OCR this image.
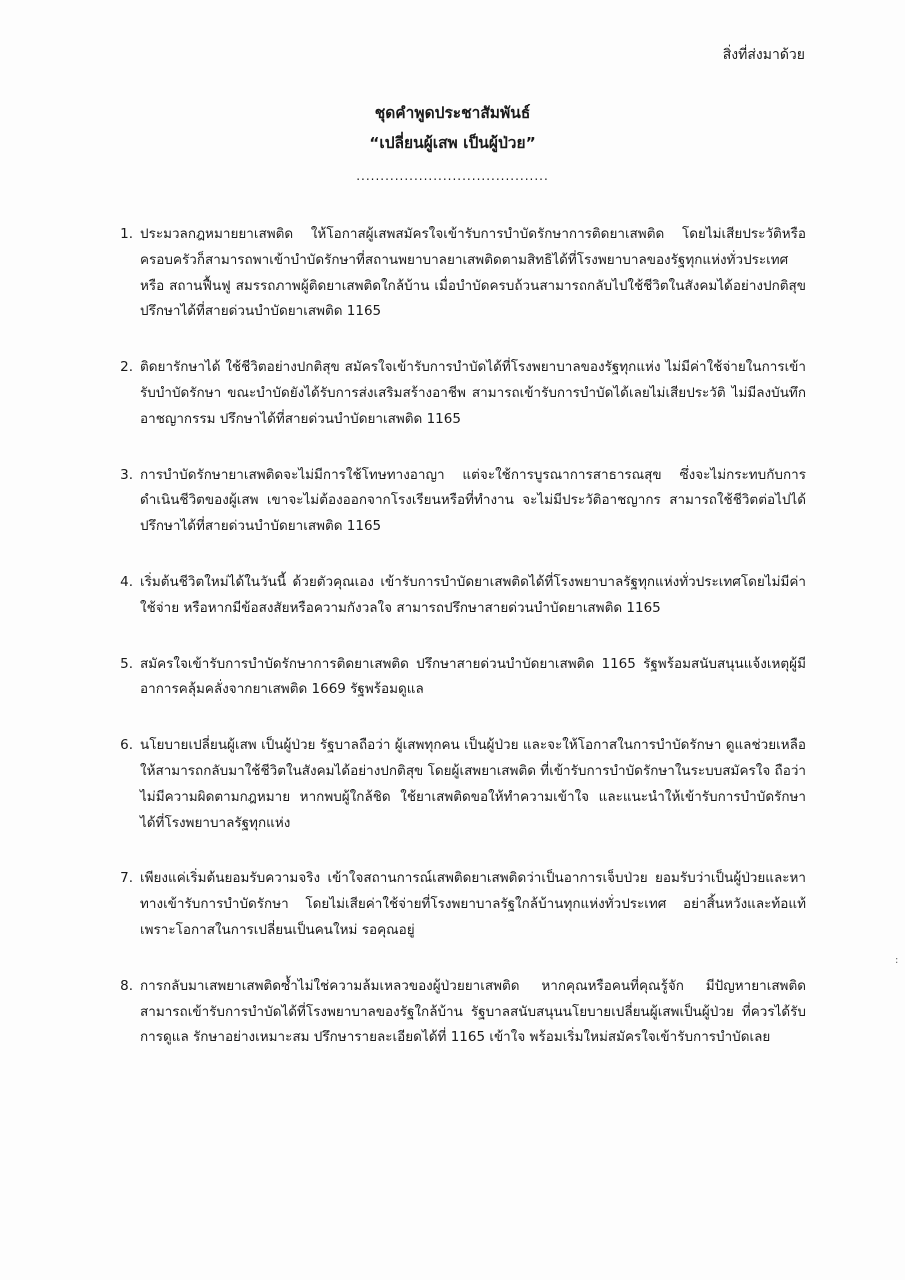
สิ่งที่ส่งมาด้วย

ชุดคำพูดประชาสัมพันธ์

“เปลี่ยนผู้เสพ เป็นผู้ป่วย”

........................................
1. ประมวลกฎหมายยาเสพติด ให้โอกาสผู้เสพสมัครใจเข้ารับการบำบัดรักษาการติดยาเสพติด โดยไม่เสียประวัติหรือครอบครัวก็สามารถพาเข้าบำบัดรักษาที่สถานพยาบาลยาเสพติดตามสิทธิได้ที่โรงพยาบาลของรัฐทุกแห่งทั่วประเทศ หรือ สถานฟื้นฟู สมรรถภาพผู้ติดยาเสพติดใกล้บ้าน เมื่อบำบัดครบถ้วนสามารถกลับไปใช้ชีวิตในสังคมได้อย่างปกติสุข ปรึกษาได้ที่สายด่วนบำบัดยาเสพติด 1165
2. ติดยารักษาได้ ใช้ชีวิตอย่างปกติสุข สมัครใจเข้ารับการบำบัดได้ที่โรงพยาบาลของรัฐทุกแห่ง ไม่มีค่าใช้จ่ายในการเข้ารับบำบัดรักษา ขณะบำบัดยังได้รับการส่งเสริมสร้างอาชีพ สามารถเข้ารับการบำบัดได้เลยไม่เสียประวัติ ไม่มีลงบันทึกอาชญากรรม ปรึกษาได้ที่สายด่วนบำบัดยาเสพติด 1165
3. การบำบัดรักษายาเสพติดจะไม่มีการใช้โทษทางอาญา แต่จะใช้การบูรณาการสาธารณสุข ซึ่งจะไม่กระทบกับการดำเนินชีวิตของผู้เสพ เขาจะไม่ต้องออกจากโรงเรียนหรือที่ทำงาน จะไม่มีประวัติอาชญากร สามารถใช้ชีวิตต่อไปได้ ปรึกษาได้ที่สายด่วนบำบัดยาเสพติด 1165
4. เริ่มต้นชีวิตใหม่ได้ในวันนี้ ด้วยตัวคุณเอง เข้ารับการบำบัดยาเสพติดได้ที่โรงพยาบาลรัฐทุกแห่งทั่วประเทศโดยไม่มีค่าใช้จ่าย หรือหากมีข้อสงสัยหรือความกังวลใจ สามารถปรึกษาสายด่วนบำบัดยาเสพติด 1165
5. สมัครใจเข้ารับการบำบัดรักษาการติดยาเสพติด ปรึกษาสายด่วนบำบัดยาเสพติด 1165 รัฐพร้อมสนับสนุนแจ้งเหตุผู้มีอาการคลุ้มคลั่งจากยาเสพติด 1669 รัฐพร้อมดูแล
6. นโยบายเปลี่ยนผู้เสพ เป็นผู้ป่วย รัฐบาลถือว่า ผู้เสพทุกคน เป็นผู้ป่วย และจะให้โอกาสในการบำบัดรักษา ดูแลช่วยเหลือให้สามารถกลับมาใช้ชีวิตในสังคมได้อย่างปกติสุข โดยผู้เสพยาเสพติด ที่เข้ารับการบำบัดรักษาในระบบสมัครใจ ถือว่าไม่มีความผิดตามกฎหมาย หากพบผู้ใกล้ชิด ใช้ยาเสพติดขอให้ทำความเข้าใจ และแนะนำให้เข้ารับการบำบัดรักษาได้ที่โรงพยาบาลรัฐทุกแห่ง
7. เพียงแค่เริ่มต้นยอมรับความจริง เข้าใจสถานการณ์เสพติดยาเสพติดว่าเป็นอาการเจ็บป่วย ยอมรับว่าเป็นผู้ป่วยและหาทางเข้ารับการบำบัดรักษา โดยไม่เสียค่าใช้จ่ายที่โรงพยาบาลรัฐใกล้บ้านทุกแห่งทั่วประเทศ อย่าสิ้นหวังและท้อแท้ เพราะโอกาสในการเปลี่ยนเป็นคนใหม่ รอคุณอยู่
8. การกลับมาเสพยาเสพติดซ้ำไม่ใช่ความล้มเหลวของผู้ป่วยยาเสพติด หากคุณหรือคนที่คุณรู้จัก มีปัญหายาเสพติดสามารถเข้ารับการบำบัดได้ที่โรงพยาบาลของรัฐใกล้บ้าน รัฐบาลสนับสนุนนโยบายเปลี่ยนผู้เสพเป็นผู้ป่วย ที่ควรได้รับการดูแล รักษาอย่างเหมาะสม ปรึกษารายละเอียดได้ที่ 1165 เข้าใจ พร้อมเริ่มใหม่สมัครใจเข้ารับการบำบัดเลย
:
